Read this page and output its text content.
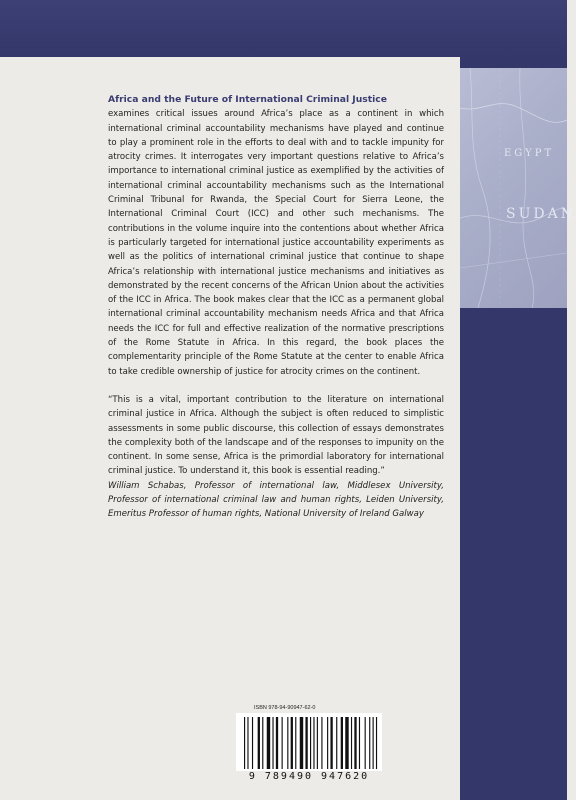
EGYPT
SUDAN

Africa and the Future of International Criminal Justice
examines critical issues around Africa’s place as a continent in which international criminal accountability mechanisms have played and continue to play a prominent role in the efforts to deal with and to tackle impunity for atrocity crimes. It interrogates very important questions relative to Africa’s importance to international criminal justice as exemplified by the activities of international criminal accountability mechanisms such as the International Criminal Tribunal for Rwanda, the Special Court for Sierra Leone, the International Criminal Court (ICC) and other such mechanisms. The contributions in the volume inquire into the contentions about whether Africa is particularly targeted for international justice accountability experiments as well as the politics of international criminal justice that continue to shape Africa’s relationship with international justice mechanisms and initiatives as demonstrated by the recent concerns of the African Union about the activities of the ICC in Africa. The book makes clear that the ICC as a permanent global international criminal accountability mechanism needs Africa and that Africa needs the ICC for full and effective realization of the normative prescriptions of the Rome Statute in Africa. In this regard, the book places the complementarity principle of the Rome Statute at the center to enable Africa to take credible ownership of justice for atrocity crimes on the continent.

“This is a vital, important contribution to the literature on international criminal justice in Africa. Although the subject is often reduced to simplistic assessments in some public discourse, this collection of essays demonstrates the complexity both of the landscape and of the responses to impunity on the continent. In some sense, Africa is the primordial laboratory for international criminal justice. To understand it, this book is essential reading.”

William Schabas, Professor of international law, Middlesex University, Professor of international criminal law and human rights, Leiden University, Emeritus Professor of human rights, National University of Ireland Galway

ISBN 978-94-90947-62-0
9 789490 947620
